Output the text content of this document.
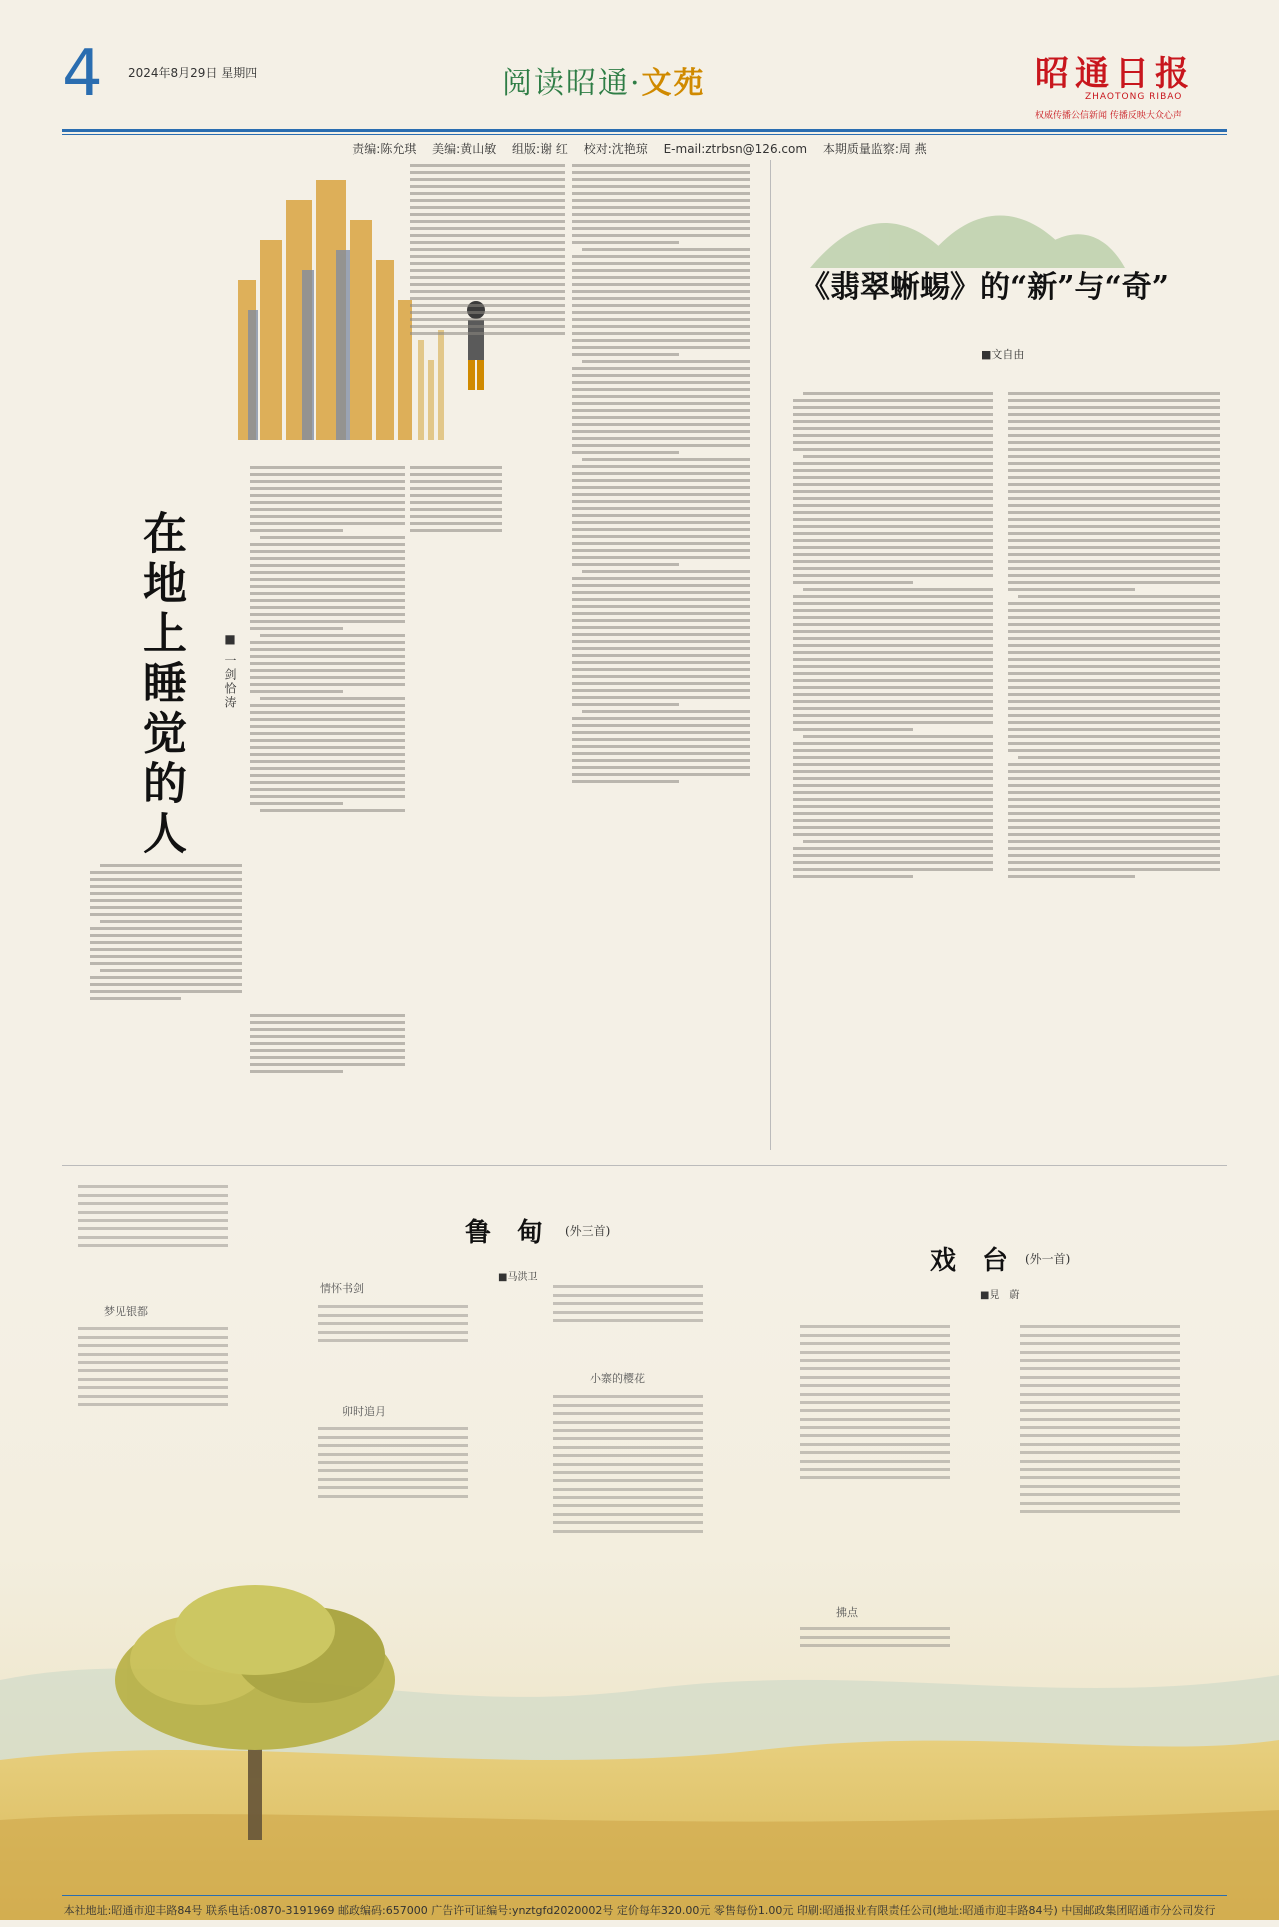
4 2024年8月29日 星期四	阅读昭通·文苑	昭通日报
ZHAOTONG RIBAO
权威传播公信新闻 传播反映大众心声
责编:陈允琪 美编:黄山敏 组版:谢 红 校对:沈艳琼 E-mail:ztrbsn@126.com 本期质量监察:周 燕
在地上睡觉的人	■ 一剑恰涛
《翡翠蜥蜴》的“新”与“奇”
■文自由
鲁　甸 (外三首)
■马洪卫
梦见银都
情怀书剑
卯时追月
小寨的樱花
戏　台 (外一首)
■見　蔚
拂点
本社地址:昭通市迎丰路84号 联系电话:0870-3191969 邮政编码:657000 广告许可证编号:ynztgfd2020002号 定价每年320.00元 零售每份1.00元 印刷:昭通报业有限责任公司(地址:昭通市迎丰路84号) 中国邮政集团昭通市分公司发行
